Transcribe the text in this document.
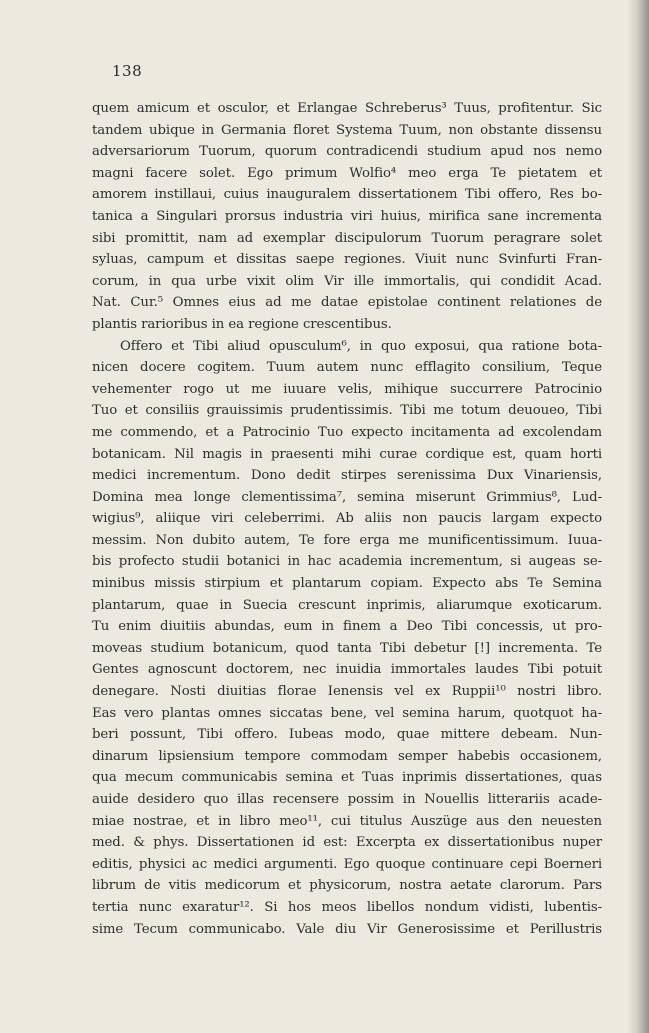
138
quem amicum et osculor, et Erlangae Schreberus³ Tuus, profitentur. Sic
tandem ubique in Germania floret Systema Tuum, non obstante dissensu
adversariorum Tuorum, quorum contradicendi studium apud nos nemo
magni facere solet. Ego primum Wolfio⁴ meo erga Te pietatem et
amorem instillaui, cuius inauguralem dissertationem Tibi offero, Res bo-
tanica a Singulari prorsus industria viri huius, mirifica sane incrementa
sibi promittit, nam ad exemplar discipulorum Tuorum peragrare solet
syluas, campum et dissitas saepe regiones. Viuit nunc Svinfurti Fran-
corum, in qua urbe vixit olim Vir ille immortalis, qui condidit Acad.
Nat. Cur.⁵ Omnes eius ad me datae epistolae continent relationes de
plantis rarioribus in ea regione crescentibus.
Offero et Tibi aliud opusculum⁶, in quo exposui, qua ratione bota-
nicen docere cogitem. Tuum autem nunc efflagito consilium, Teque
vehementer rogo ut me iuuare velis, mihique succurrere Patrocinio
Tuo et consiliis grauissimis prudentissimis. Tibi me totum deuoueo, Tibi
me commendo, et a Patrocinio Tuo expecto incitamenta ad excolendam
botanicam. Nil magis in praesenti mihi curae cordique est, quam horti
medici incrementum. Dono dedit stirpes serenissima Dux Vinariensis,
Domina mea longe clementissima⁷, semina miserunt Grimmius⁸, Lud-
wigius⁹, aliique viri celeberrimi. Ab aliis non paucis largam expecto
messim. Non dubito autem, Te fore erga me munificentissimum. Iuua-
bis profecto studii botanici in hac academia incrementum, si augeas se-
minibus missis stirpium et plantarum copiam. Expecto abs Te Semina
plantarum, quae in Suecia crescunt inprimis, aliarumque exoticarum.
Tu enim diuitiis abundas, eum in finem a Deo Tibi concessis, ut pro-
moveas studium botanicum, quod tanta Tibi debetur [!] incrementa. Te
Gentes agnoscunt doctorem, nec inuidia immortales laudes Tibi potuit
denegare. Nosti diuitias florae Ienensis vel ex Ruppii¹⁰ nostri libro.
Eas vero plantas omnes siccatas bene, vel semina harum, quotquot ha-
beri possunt, Tibi offero. Iubeas modo, quae mittere debeam. Nun-
dinarum lipsiensium tempore commodam semper habebis occasionem,
qua mecum communicabis semina et Tuas inprimis dissertationes, quas
auide desidero quo illas recensere possim in Nouellis litterariis acade-
miae nostrae, et in libro meo¹¹, cui titulus Auszüge aus den neuesten
med. & phys. Dissertationen id est: Excerpta ex dissertationibus nuper
editis, physici ac medici argumenti. Ego quoque continuare cepi Boerneri
librum de vitis medicorum et physicorum, nostra aetate clarorum. Pars
tertia nunc exaratur¹². Si hos meos libellos nondum vidisti, lubentis-
sime Tecum communicabo. Vale diu Vir Generosissime et Perillustris
